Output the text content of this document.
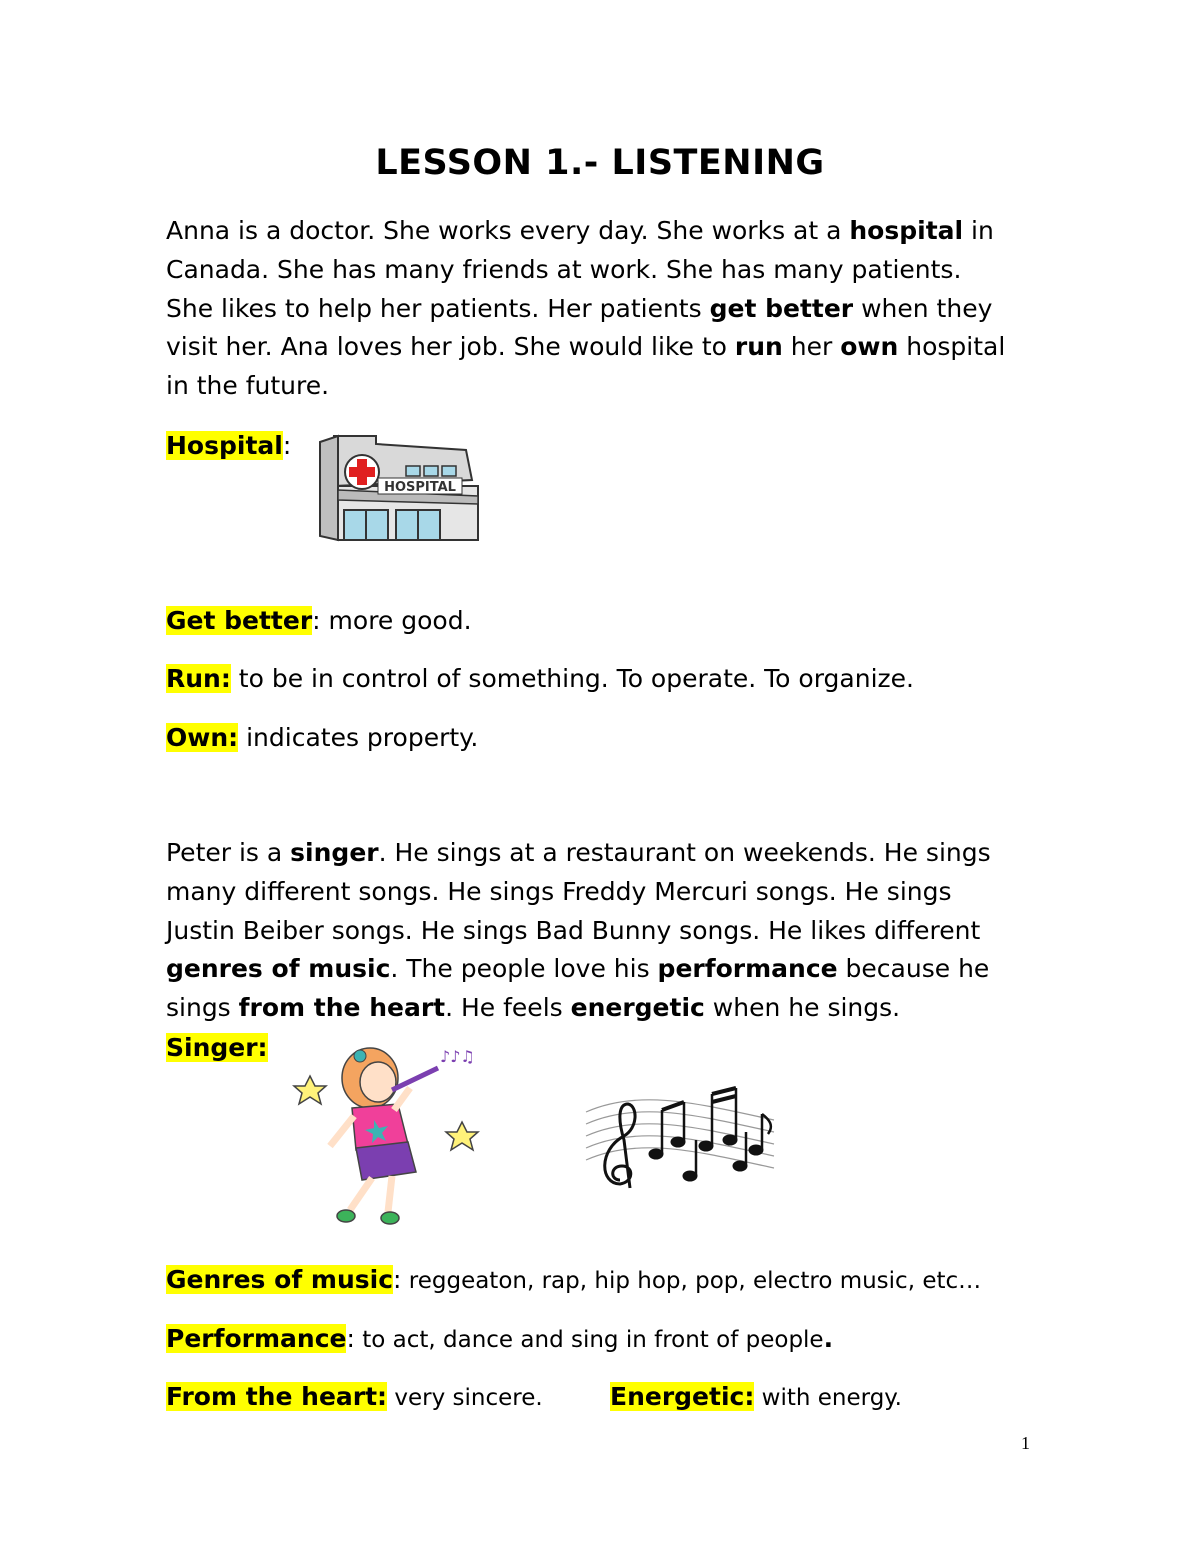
LESSON 1.- LISTENING
Anna is a doctor. She works every day. She works at a hospital in
Canada. She has many friends at work. She has many patients.
She likes to help her patients. Her patients get better when they
visit her. Ana loves her job. She would like to run her own hospital
in the future.
Hospital:
HOSPITAL
Get better: more good.
Run: to be in control of something. To operate. To organize.
Own: indicates property.
Peter is a singer. He sings at a restaurant on weekends. He sings
many different songs. He sings Freddy Mercuri songs. He sings
Justin Beiber songs. He sings Bad Bunny songs. He likes different
genres of music. The people love his performance because he
sings from the heart. He feels energetic when he sings.
Singer:	♪♪♫
Genres of music: reggeaton, rap, hip hop, pop, electro music, etc…
Performance: to act, dance and sing in front of people.
From the heart: very sincere.	Energetic: with energy.
1
